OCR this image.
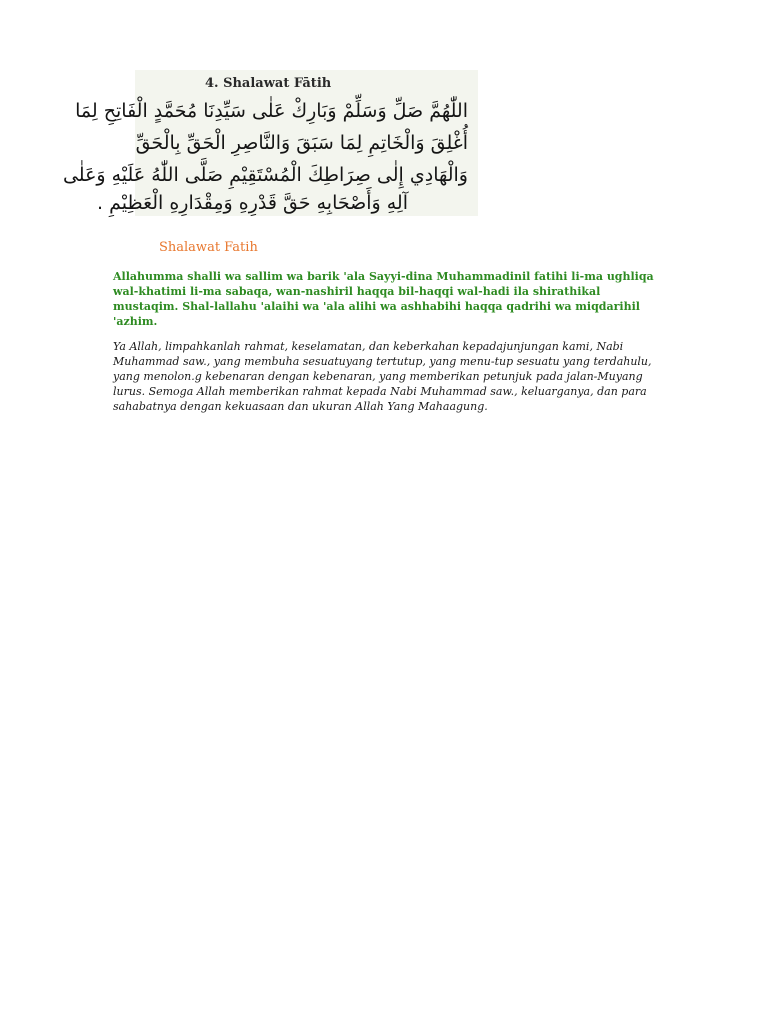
4. Shalawat Fātih
اللّٰهُمَّ صَلِّ وَسَلِّمْ وَبَارِكْ عَلٰى سَيِّدِنَا مُحَمَّدٍ الْفَاتِحِ لِمَا
أُغْلِقَ وَالْخَاتِمِ لِمَا سَبَقَ وَالنَّاصِرِ الْحَقِّ بِالْحَقِّ
وَالْهَادِي إِلٰى صِرَاطِكَ الْمُسْتَقِيْمِ صَلَّى اللّٰهُ عَلَيْهِ وَعَلٰى
آلِهِ وَأَصْحَابِهِ حَقَّ قَدْرِهِ وَمِقْدَارِهِ الْعَظِيْمِ .
Shalawat Fatih

Allahumma shalli wa sallim wa barik 'ala Sayyi-dina Muhammadinil fatihi li-ma ughliqa wal-khatimi li-ma sabaqa, wan-nashiril haqqa bil-haqqi wal-hadi ila shirathikal mustaqim. Shal-lallahu 'alaihi wa 'ala alihi wa ashhabihi haqqa qadrihi wa miqdarihil 'azhim.

Ya Allah, limpahkanlah rahmat, keselamatan, dan keberkahan kepadajunjungan kami, Nabi Muhammad saw., yang membuha sesuatuyang tertutup, yang menu-tup sesuatu yang terdahulu, yang menolon.g kebenaran dengan kebenaran, yang memberikan petunjuk pada jalan-Muyang lurus. Semoga Allah memberikan rahmat kepada Nabi Muhammad saw., keluarganya, dan para sahabatnya dengan kekuasaan dan ukuran Allah Yang Mahaagung.
